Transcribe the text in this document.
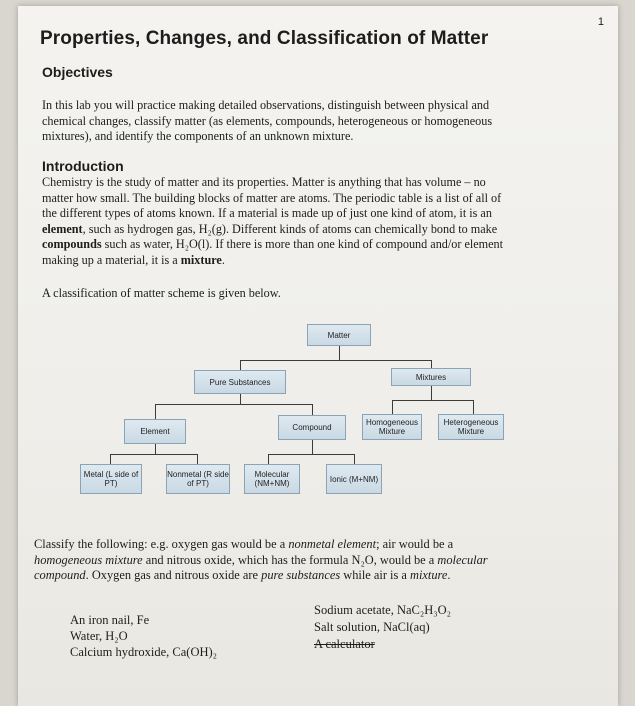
1
Properties, Changes, and Classification of Matter
Objectives
In this lab you will practice making detailed observations, distinguish between physical and
chemical changes, classify matter (as elements, compounds, heterogeneous or homogeneous
mixtures), and identify the components of an unknown mixture.
Introduction
Chemistry is the study of matter and its properties. Matter is anything that has volume – no
matter how small. The building blocks of matter are atoms. The periodic table is a list of all of
the different types of atoms known. If a material is made up of just one kind of atom, it is an
element, such as hydrogen gas, H₂(g). Different kinds of atoms can chemically bond to make
compounds such as water, H₂O(l). If there is more than one kind of compound and/or element
making up a material, it is a mixture.
A classification of matter scheme is given below.
Matter
Pure Substances
Mixtures
Element	Compound
Homogeneous Mixture
Heterogeneous Mixture
Metal (L side of PT)
Nonmetal (R side of PT)
Molecular (NM+NM)	Ionic (M+NM)
Classify the following: e.g. oxygen gas would be a nonmetal element; air would be a
homogeneous mixture and nitrous oxide, which has the formula N₂O, would be a molecular
compound. Oxygen gas and nitrous oxide are pure substances while air is a mixture.
An iron nail, Fe
Water, H₂O
Calcium hydroxide, Ca(OH)₂
Sodium acetate, NaC₂H₃O₂
Salt solution, NaCl(aq)
A calculator
